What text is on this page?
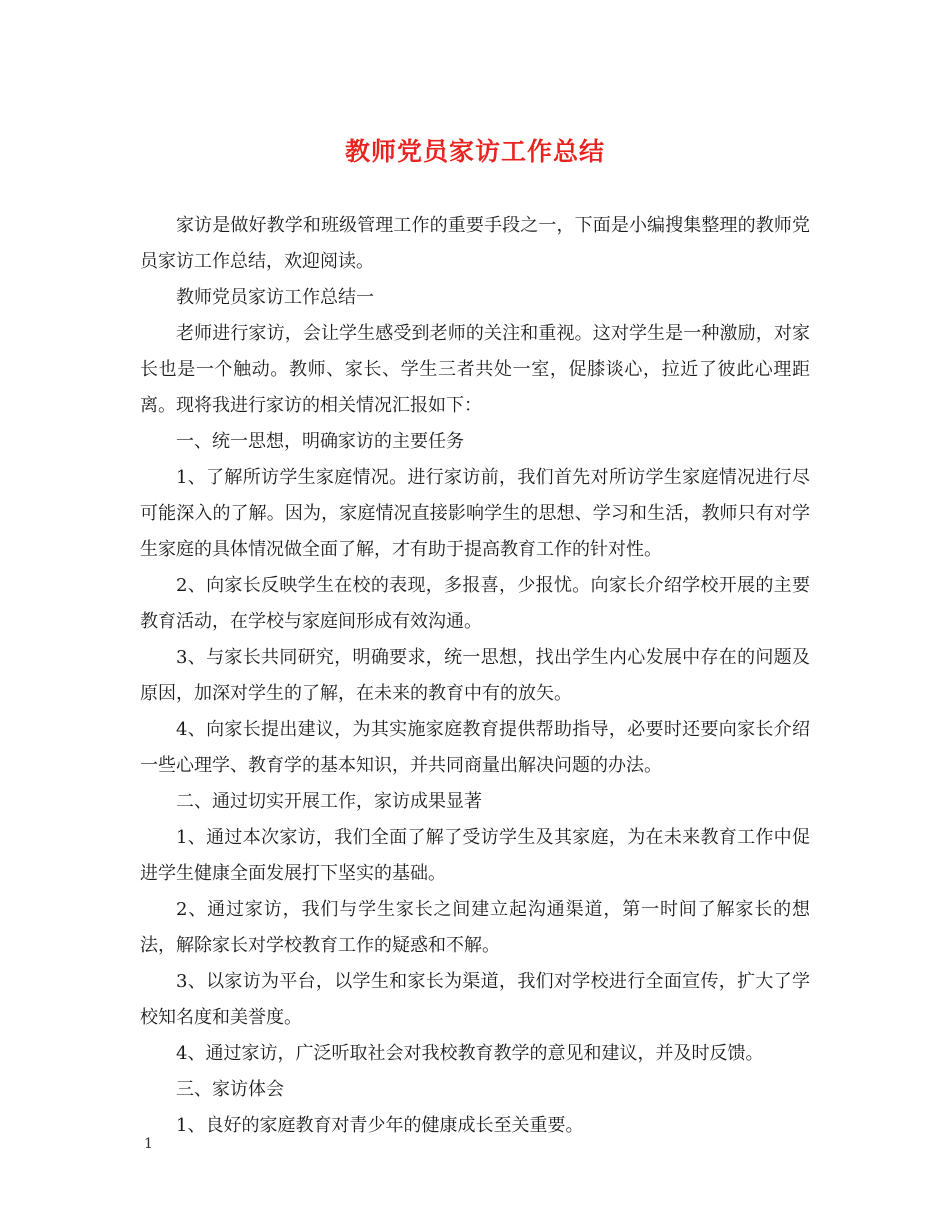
教师党员家访工作总结

家访是做好教学和班级管理工作的重要手段之一，下面是小编搜集整理的教师党员家访工作总结，欢迎阅读。

教师党员家访工作总结一

老师进行家访，会让学生感受到老师的关注和重视。这对学生是一种激励，对家长也是一个触动。教师、家长、学生三者共处一室，促膝谈心，拉近了彼此心理距离。现将我进行家访的相关情况汇报如下：

一、统一思想，明确家访的主要任务

1、了解所访学生家庭情况。进行家访前，我们首先对所访学生家庭情况进行尽可能深入的了解。因为，家庭情况直接影响学生的思想、学习和生活，教师只有对学生家庭的具体情况做全面了解，才有助于提高教育工作的针对性。

2、向家长反映学生在校的表现，多报喜，少报忧。向家长介绍学校开展的主要教育活动，在学校与家庭间形成有效沟通。

3、与家长共同研究，明确要求，统一思想，找出学生内心发展中存在的问题及原因，加深对学生的了解，在未来的教育中有的放矢。

4、向家长提出建议，为其实施家庭教育提供帮助指导，必要时还要向家长介绍一些心理学、教育学的基本知识，并共同商量出解决问题的办法。

二、通过切实开展工作，家访成果显著

1、通过本次家访，我们全面了解了受访学生及其家庭，为在未来教育工作中促进学生健康全面发展打下坚实的基础。

2、通过家访，我们与学生家长之间建立起沟通渠道，第一时间了解家长的想法，解除家长对学校教育工作的疑惑和不解。

3、以家访为平台，以学生和家长为渠道，我们对学校进行全面宣传，扩大了学校知名度和美誉度。

4、通过家访，广泛听取社会对我校教育教学的意见和建议，并及时反馈。

三、家访体会

1、良好的家庭教育对青少年的健康成长至关重要。

1
